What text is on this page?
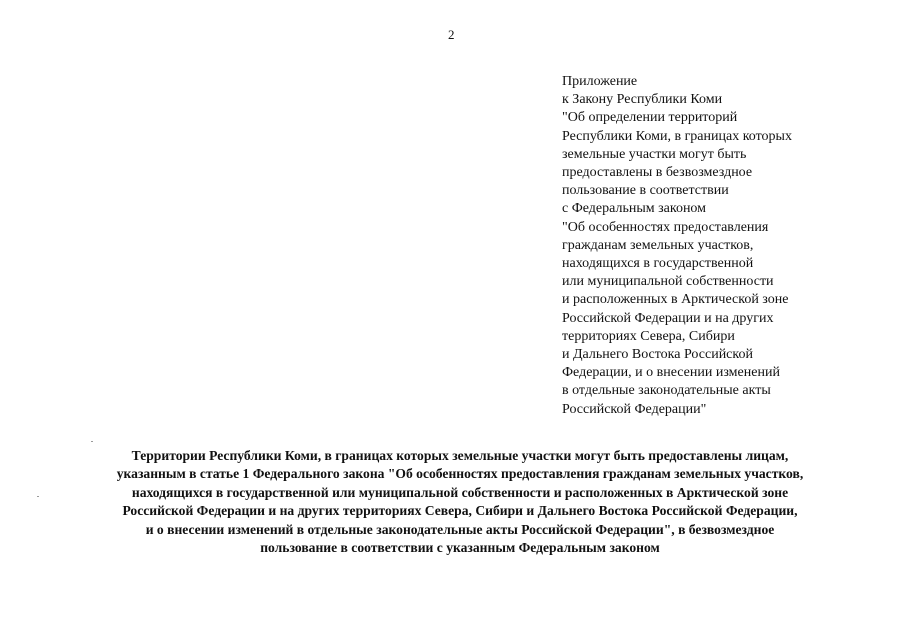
2
Приложение
к Закону Республики Коми
"Об определении территорий
Республики Коми, в границах которых
земельные участки могут быть
предоставлены в безвозмездное
пользование в соответствии
с Федеральным законом
"Об особенностях предоставления
гражданам земельных участков,
находящихся в государственной
или муниципальной собственности
и расположенных в Арктической зоне
Российской Федерации и на других
территориях Севера, Сибири
и Дальнего Востока Российской
Федерации, и о внесении изменений
в отдельные законодательные акты
Российской Федерации"
Территории Республики Коми, в границах которых земельные участки могут быть предоставлены лицам,
указанным в статье 1 Федерального закона "Об особенностях предоставления гражданам земельных участков,
находящихся в государственной или муниципальной собственности и расположенных в Арктической зоне
Российской Федерации и на других территориях Севера, Сибири и Дальнего Востока Российской Федерации,
и о внесении изменений в отдельные законодательные акты Российской Федерации", в безвозмездное
пользование в соответствии с указанным Федеральным законом
